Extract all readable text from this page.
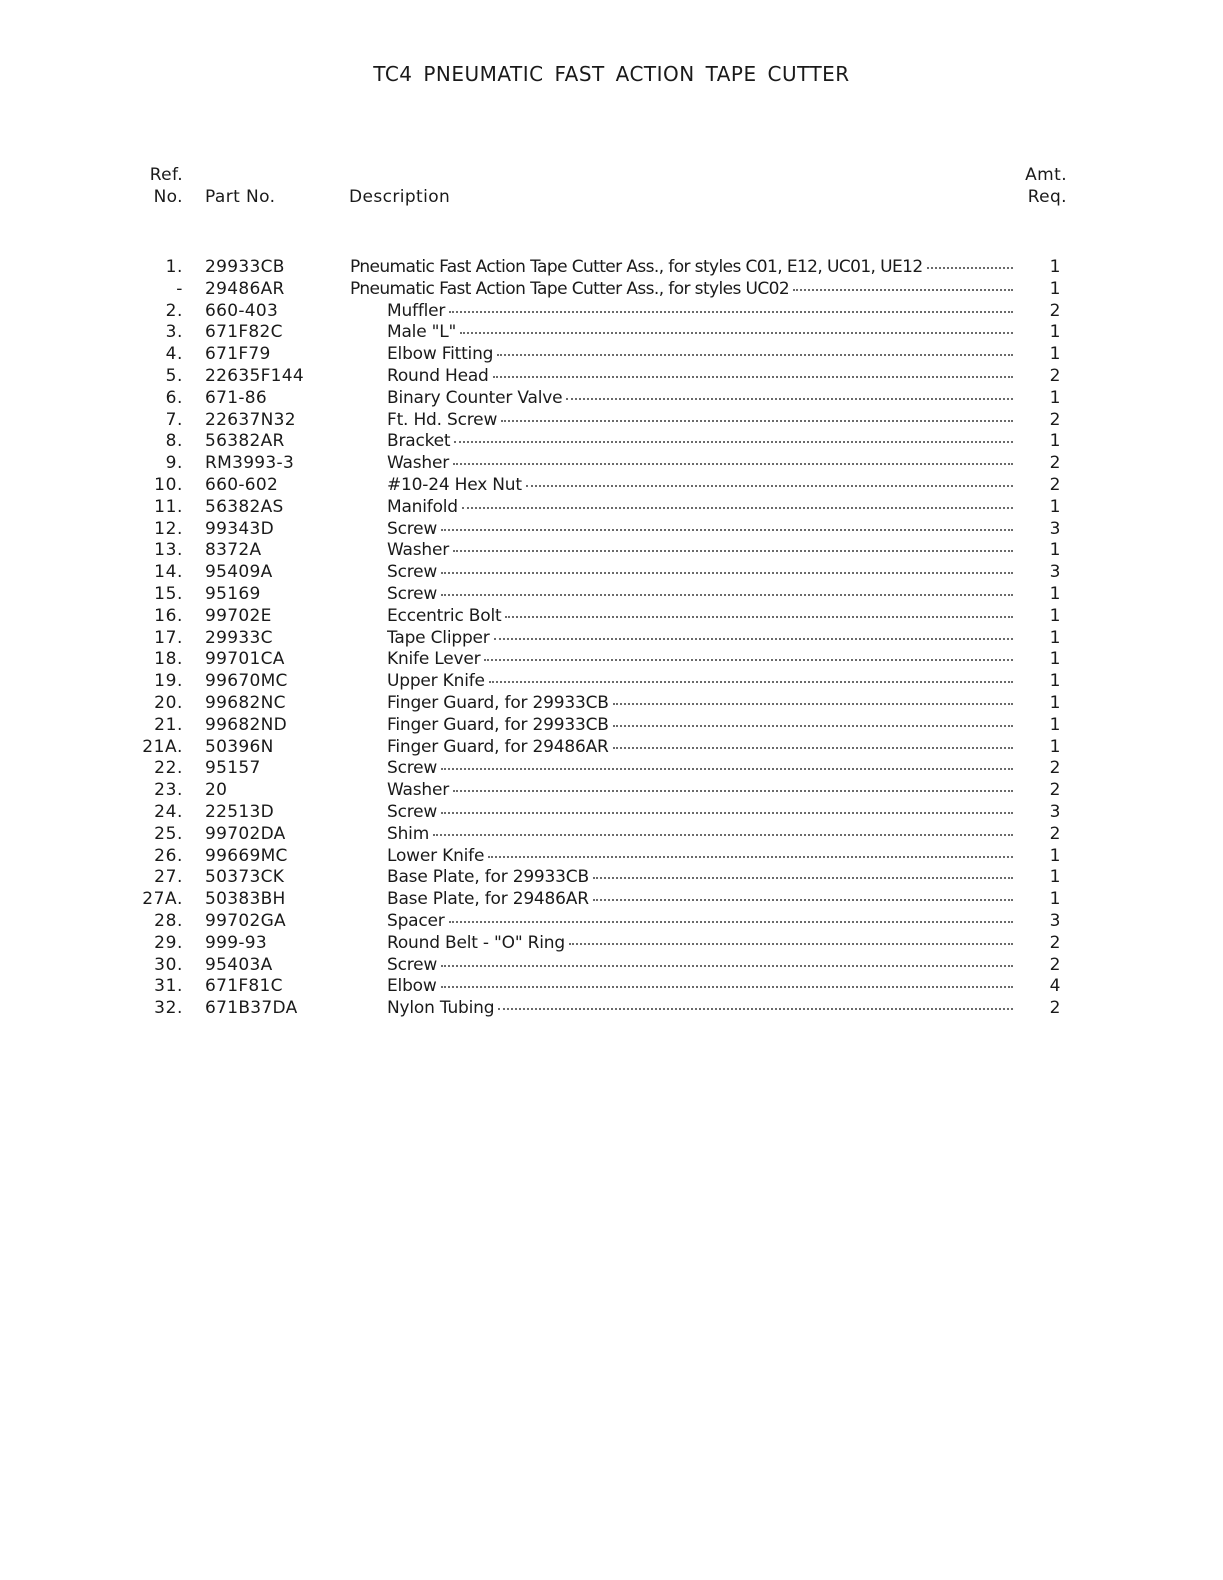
TC4 PNEUMATIC FAST ACTION TAPE CUTTER
Ref.
No. Part No.	Description
Amt.
Req.
1. 29933CB	Pneumatic Fast Action Tape Cutter Ass., for styles C01, E12, UC01, UE12	1
- 29486AR	Pneumatic Fast Action Tape Cutter Ass., for styles UC02	1
2. 660-403	Muffler	2
3. 671F82C	Male "L"	1
4. 671F79	Elbow Fitting	1
5. 22635F144	Round Head	2
6. 671-86	Binary Counter Valve	1
7. 22637N32	Ft. Hd. Screw	2
8. 56382AR	Bracket	1
9. RM3993-3	Washer	2
10. 660-602	#10-24 Hex Nut	2
11. 56382AS	Manifold	1
12. 99343D	Screw	3
13. 8372A	Washer	1
14. 95409A	Screw	3
15. 95169	Screw	1
16. 99702E	Eccentric Bolt	1
17. 29933C	Tape Clipper	1
18. 99701CA	Knife Lever	1
19. 99670MC	Upper Knife	1
20. 99682NC	Finger Guard, for 29933CB	1
21. 99682ND	Finger Guard, for 29933CB	1
21A. 50396N	Finger Guard, for 29486AR	1
22. 95157	Screw	2
23. 20	Washer	2
24. 22513D	Screw	3
25. 99702DA	Shim	2
26. 99669MC	Lower Knife	1
27. 50373CK	Base Plate, for 29933CB	1
27A. 50383BH	Base Plate, for 29486AR	1
28. 99702GA	Spacer	3
29. 999-93	Round Belt - "O" Ring	2
30. 95403A	Screw	2
31. 671F81C	Elbow	4
32. 671B37DA	Nylon Tubing	2
